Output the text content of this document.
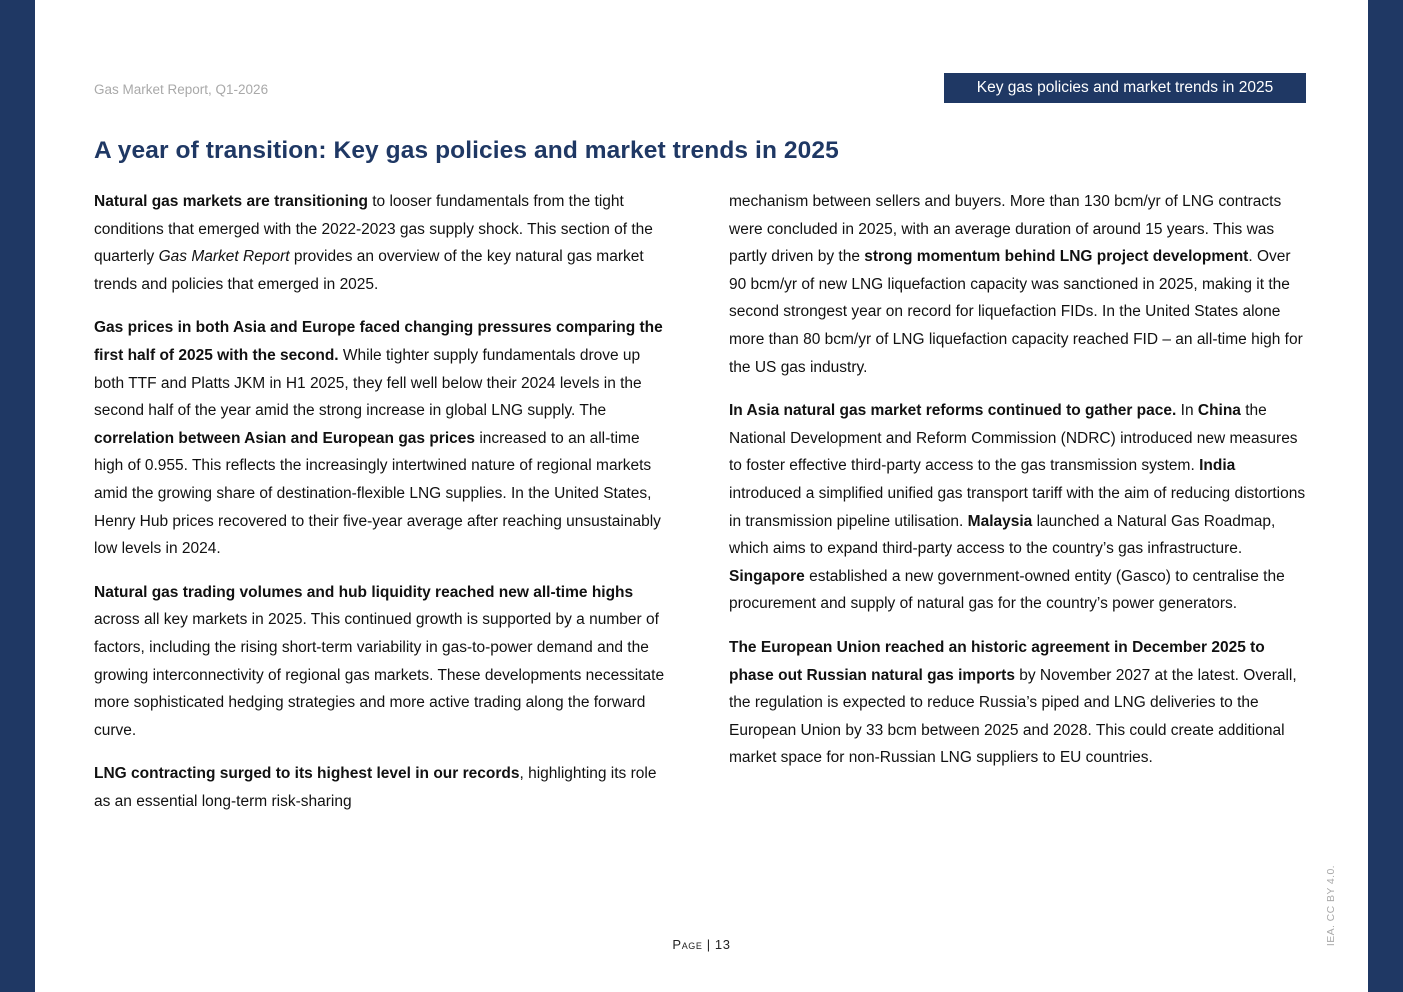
Gas Market Report, Q1-2026	Key gas policies and market trends in 2025
A year of transition: Key gas policies and market trends in 2025

Natural gas markets are transitioning to looser fundamentals from the tight conditions that emerged with the 2022-2023 gas supply shock. This section of the quarterly Gas Market Report provides an overview of the key natural gas market trends and policies that emerged in 2025.

Gas prices in both Asia and Europe faced changing pressures comparing the first half of 2025 with the second. While tighter supply fundamentals drove up both TTF and Platts JKM in H1 2025, they fell well below their 2024 levels in the second half of the year amid the strong increase in global LNG supply. The correlation between Asian and European gas prices increased to an all-time high of 0.955. This reflects the increasingly intertwined nature of regional markets amid the growing share of destination-flexible LNG supplies. In the United States, Henry Hub prices recovered to their five-year average after reaching unsustainably low levels in 2024.

Natural gas trading volumes and hub liquidity reached new all-time highs across all key markets in 2025. This continued growth is supported by a number of factors, including the rising short-term variability in gas-to-power demand and the growing interconnectivity of regional gas markets. These developments necessitate more sophisticated hedging strategies and more active trading along the forward curve.

LNG contracting surged to its highest level in our records, highlighting its role as an essential long-term risk-sharing

mechanism between sellers and buyers. More than 130 bcm/yr of LNG contracts were concluded in 2025, with an average duration of around 15 years. This was partly driven by the strong momentum behind LNG project development. Over 90 bcm/yr of new LNG liquefaction capacity was sanctioned in 2025, making it the second strongest year on record for liquefaction FIDs. In the United States alone more than 80 bcm/yr of LNG liquefaction capacity reached FID – an all-time high for the US gas industry.

In Asia natural gas market reforms continued to gather pace. In China the National Development and Reform Commission (NDRC) introduced new measures to foster effective third-party access to the gas transmission system. India introduced a simplified unified gas transport tariff with the aim of reducing distortions in transmission pipeline utilisation. Malaysia launched a Natural Gas Roadmap, which aims to expand third-party access to the country’s gas infrastructure. Singapore established a new government-owned entity (Gasco) to centralise the procurement and supply of natural gas for the country’s power generators.

The European Union reached an historic agreement in December 2025 to phase out Russian natural gas imports by November 2027 at the latest. Overall, the regulation is expected to reduce Russia’s piped and LNG deliveries to the European Union by 33 bcm between 2025 and 2028. This could create additional market space for non-Russian LNG suppliers to EU countries.

Page | 13	IEA. CC BY 4.0.
